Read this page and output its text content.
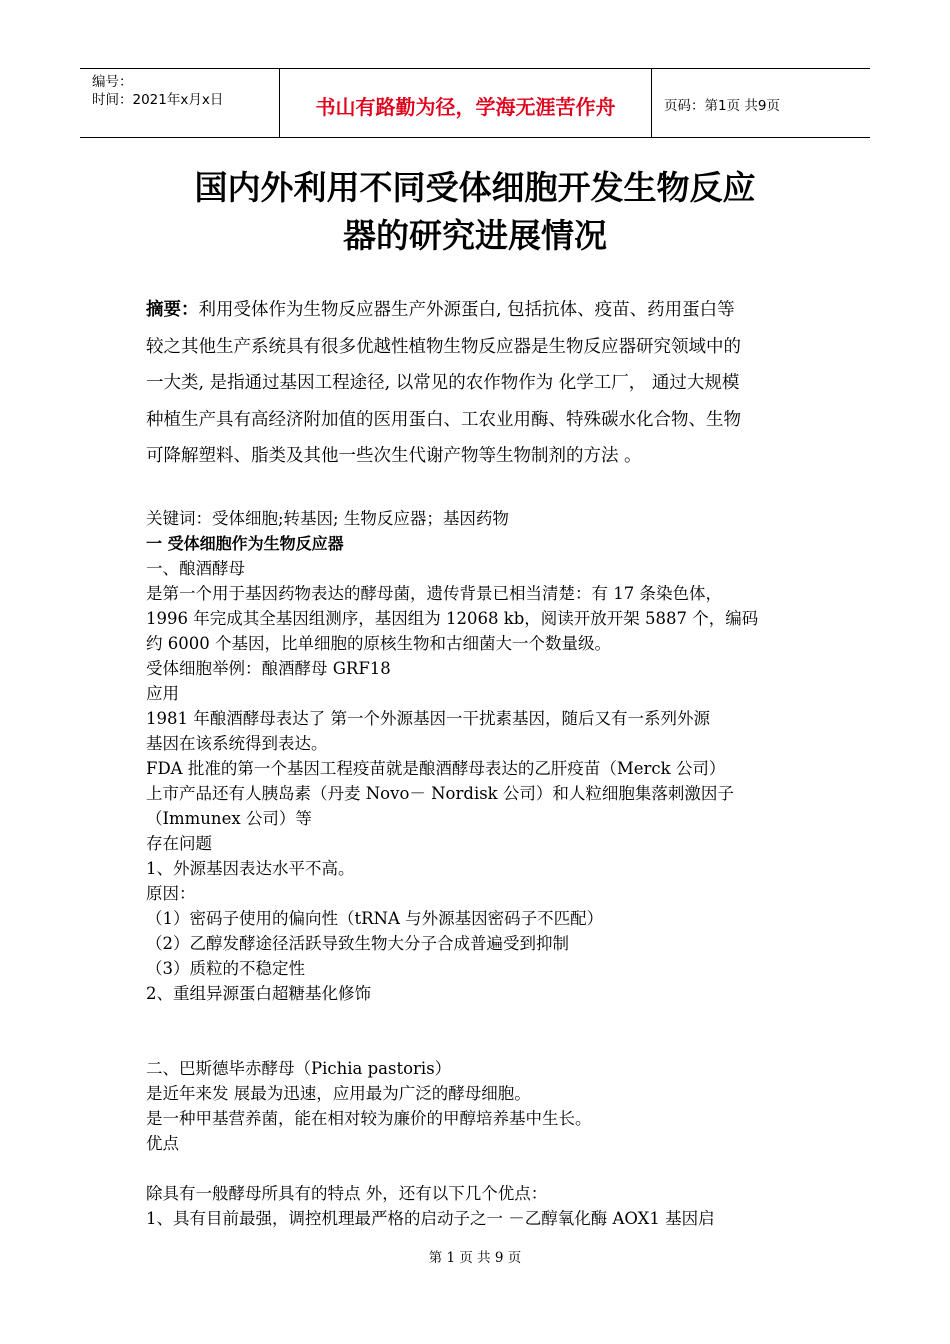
编号：
时间：2021年x月x日	书山有路勤为径，学海无涯苦作舟	页码：第1页 共9页
国内外利用不同受体细胞开发生物反应
器的研究进展情况

摘要：利用受体作为生物反应器生产外源蛋白, 包括抗体、疫苗、药用蛋白等

较之其他生产系统具有很多优越性植物生物反应器是生物反应器研究领域中的

一大类, 是指通过基因工程途径, 以常见的农作物作为 化学工厂， 通过大规模

种植生产具有高经济附加值的医用蛋白、工农业用酶、特殊碳水化合物、生物

可降解塑料、脂类及其他一些次生代谢产物等生物制剂的方法 。

关键词：受体细胞;转基因; 生物反应器；基因药物

一 受体细胞作为生物反应器

一、酿酒酵母

是第一个用于基因药物表达的酵母菌，遗传背景已相当清楚：有 17 条染色体，

1996 年完成其全基因组测序，基因组为 12068 kb，阅读开放开架 5887 个，编码

约 6000 个基因，比单细胞的原核生物和古细菌大一个数量级。

受体细胞举例：酿酒酵母 GRF18

应用

1981 年酿酒酵母表达了 第一个外源基因一干扰素基因，随后又有一系列外源

基因在该系统得到表达。

FDA 批准的第一个基因工程疫苗就是酿酒酵母表达的乙肝疫苗（Merck 公司）

上市产品还有人胰岛素（丹麦 Novo－ Nordisk 公司）和人粒细胞集落刺激因子

（Immunex 公司）等

存在问题

1、外源基因表达水平不高。

原因：

（1）密码子使用的偏向性（tRNA 与外源基因密码子不匹配）

（2）乙醇发酵途径活跃导致生物大分子合成普遍受到抑制

（3）质粒的不稳定性

2、重组异源蛋白超糖基化修饰

二、巴斯德毕赤酵母（Pichia pastoris）

是近年来发 展最为迅速，应用最为广泛的酵母细胞。

是一种甲基营养菌，能在相对较为廉价的甲醇培养基中生长。

优点

除具有一般酵母所具有的特点 外，还有以下几个优点：

1、具有目前最强，调控机理最严格的启动子之一 －乙醇氧化酶 AOX1 基因启

第 1 页 共 9 页
